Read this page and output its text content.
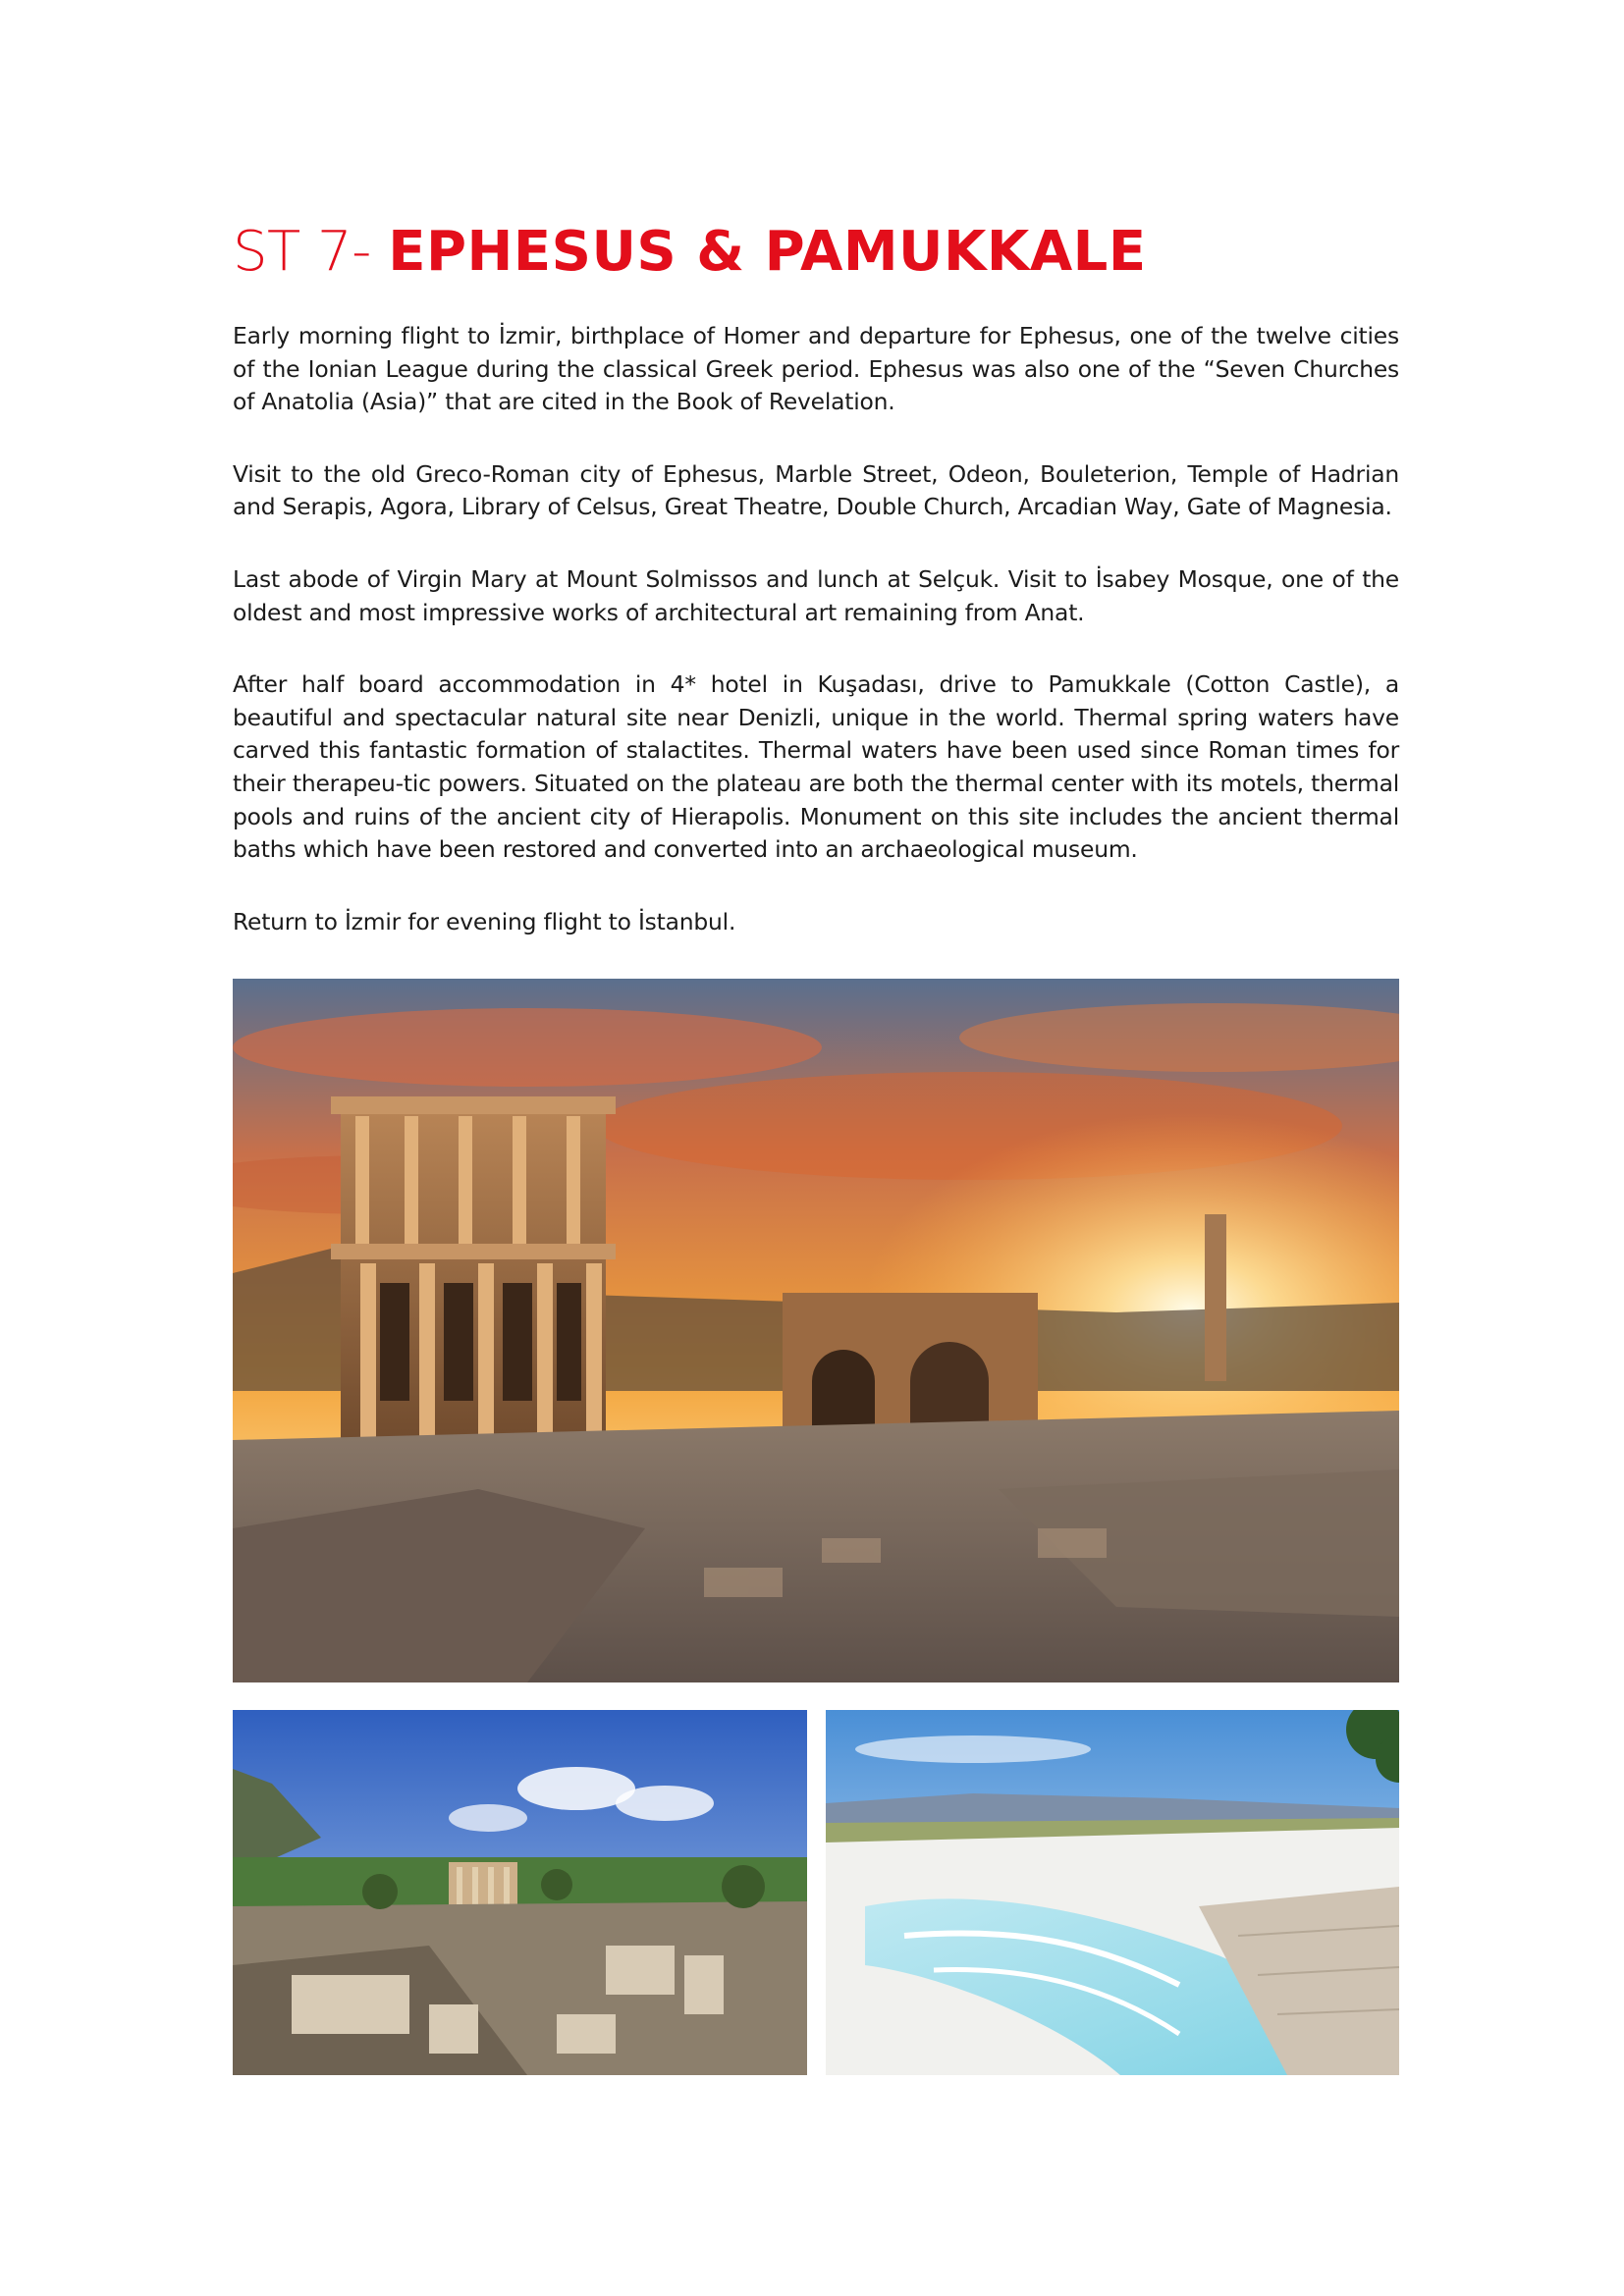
ST 7- EPHESUS & PAMUKKALE

Early morning flight to İzmir, birthplace of Homer and departure for Ephesus, one of the twelve cities of the Ionian League during the classical Greek period. Ephesus was also one of the “Seven Churches of Anatolia (Asia)” that are cited in the Book of Revelation.

Visit to the old Greco-Roman city of Ephesus, Marble Street, Odeon, Bouleterion, Temple of Hadrian and Serapis, Agora, Library of Celsus, Great Theatre, Double Church, Arcadian Way, Gate of Magnesia.

Last abode of Virgin Mary at Mount Solmissos and lunch at Selçuk. Visit to İsabey Mosque, one of the oldest and most impressive works of architectural art remaining from Anat.

After half board accommodation in 4* hotel in Kuşadası, drive to Pamukkale (Cotton Castle), a beautiful and spectacular natural site near Denizli, unique in the world. Thermal spring waters have carved this fantastic formation of stalactites. Thermal waters have been used since Roman times for their therapeu-tic powers. Situated on the plateau are both the thermal center with its motels, thermal pools and ruins of the ancient city of Hierapolis. Monument on this site includes the ancient thermal baths which have been restored and converted into an archaeological museum.

Return to İzmir for evening flight to İstanbul.
